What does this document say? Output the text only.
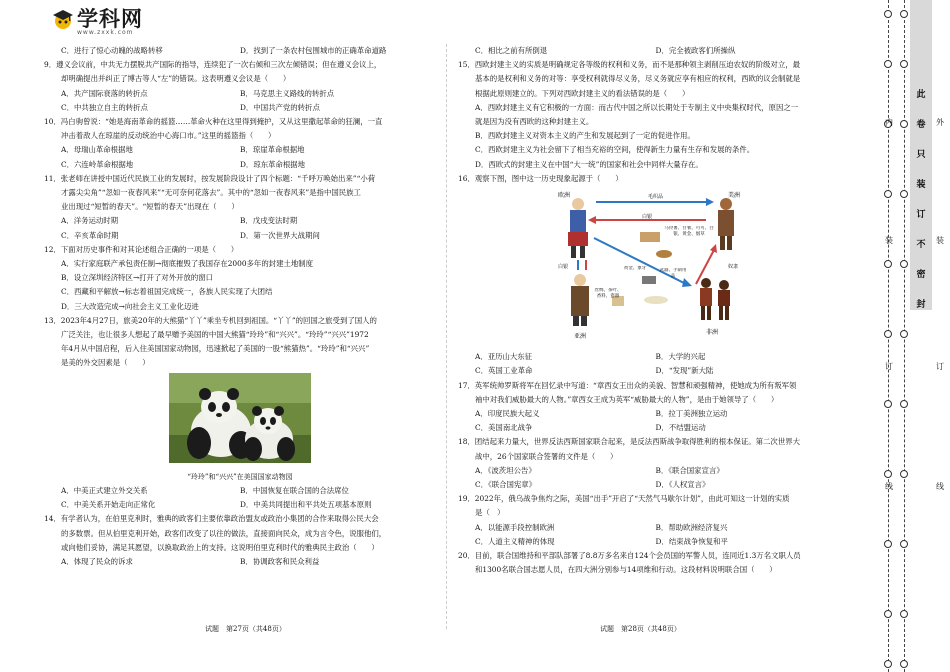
学科网
www.zxxk.com
C．进行了惊心动魄的战略转移	D．找到了一条农村包围城市的正确革命道路
9．遵义会议前，中共无力摆脱共产国际的指导，连续犯了一次右倾和三次左倾错误；但在遵义会议上，
却明确提出并纠正了博古等人“左”的错误。这表明遵义会议是（　　）
A．共产国际衰落的转折点	B．马克思主义路线的转折点
C．中共独立自主的转折点	D．中国共产党的转折点
10．冯白驹曾说：“她是海南革命的摇篮……革命火种在这里得到掩护，又从这里撒起革命的狂澜，一直
冲击着敌人在琼崖的反动统治中心海口市。”这里的摇篮指（　　）
A．母瑞山革命根据地	B．琼崖革命根据地
C．六连岭革命根据地	D．琼东革命根据地
11．张老师在讲授中国近代民族工业的发展时，按发展阶段设计了四个标题：“千呼万唤始出来”“小荷
才露尖尖角”“忽如一夜春风来”“无可奈何花落去”。其中的“忽如一夜春风来”是指中国民族工
业出现过“短暂的春天”。“短暂的春天”出现在（　　）
A．洋务运动时期	B．戊戌变法时期
C．辛亥革命时期	D．第一次世界大战期间
12．下面对历史事件和对其论述组合正确的一项是（　　）
A．实行家庭联产承包责任制→彻底摧毁了我国存在2000多年的封建土地制度
B．设立深圳经济特区→打开了对外开放的窗口
C．西藏和平解放→标志着祖国完成统一，各族人民实现了大团结
D．三大改造完成→向社会主义工业化迈进
13．2023年4月27日，旅美20年的大熊猫“丫丫”乘坐专机回到祖国。“丫丫”的回国之旅受到了国人的
广泛关注，也让很多人想起了最早赠予美国的中国大熊猫“玲玲”和“兴兴”。“玲玲”“兴兴”1972
年4月从中国启程，后入住美国国家动物园，迅速掀起了美国的一股“熊猫热”。“玲玲”和“兴兴”
是美的外交因素是（　　）
“玲玲”和“兴兴”在美国国家动物园
A．中美正式建立外交关系	B．中国恢复在联合国的合法席位
C．中美关系开始走向正常化	D．中美共同提出和平共处五项基本原则
14．有学者认为，在伯里克利时，雅典的政客们主要依靠政治盟友或政治小集团的合作来取得公民大会
的多数票。但从伯里克利开始，政客们改变了以往的做法，直接面向民众，成为言令色，说服他们，
或向他们妥协，满足其愿望，以换取政治上的支持。这说明伯里克利时代的雅典民主政治（　　）
A．体现了民众的诉求	B．协调政客和民众利益
C．相比之前有所倒退	D．完全被政客们所操纵
15．西欧封建主义的实质是明确规定各等级的权利和义务，而不是那种领主剥削压迫农奴的阶级对立，最
基本的是权利和义务的对等：享受权利就得尽义务，尽义务就应享有相应的权利，西欧的议会制就是
根据此原则建立的。下列对西欧封建主义的看法错误的是（　　）
A．西欧封建主义有它积极的一方面：而古代中国之所以长期处于专制主义中央集权时代，原因之一
就是因为没有西欧的这种封建主义。
B．西欧封建主义对资本主义的产生和发展起到了一定的促进作用。
C．西欧封建主义为社会留下了相当充裕的空间，使得新生力量有生存和发展的条件。
D．西欧式的封建主义在中国“大一统”的国家和社会中同样大量存在。
16．观察下图，图中这一历史现象起源于（　　）
欧洲	美洲
亚洲
非洲
毛织品
白银
马铃薯、甘薯、可可、白银、黄金、烟草
武器、手制用品
黄金、象牙	奴隶
丝绸、茶叶、香料、瓷器
白银
A．亚历山大东征	B．大学的兴起
C．英国工业革命	D．“发现”新大陆
17．英军统帅罗斯将军在回忆录中写道：“章西女王出众的美貌、智慧和顽强精神，使她成为所有叛军领
袖中对我们威胁最大的人物。”章西女王成为英军“威胁最大的人物”，是由于她领导了（　　）
A．印度民族大起义	B．拉丁美洲独立运动
C．美国南北战争	D．不结盟运动
18．团结起来力量大，世界反法西斯国家联合起来，是反法西斯战争取得胜利的根本保证。第二次世界大
战中，26个国家联合签署的文件是（　　）
A．《波茨坦公告》	B．《联合国家宣言》
C．《联合国宪章》	D．《人权宣言》
19．2022年，俄乌战争焦灼之际，美国“出手”开启了“天然气马歇尔计划”，由此可知这一计划的实质
是（　）
A．以能源手段控制欧洲	B．帮助欧洲经济复兴
C．人道主义精神的体现	D．结束战争恢复和平
20．目前，联合国维持和平部队部署了8.8万多名来自124个会员国的军警人员，连同近1.3万名文职人员
和1300名联合国志愿人员，在四大洲分别参与14项维和行动。这段材料说明联合国（　　）
试题　第27页（共48页）	试题　第28页（共48页）
此
卷
只
装
订
不
密
封
外
装
订
线
内
装
订
线
